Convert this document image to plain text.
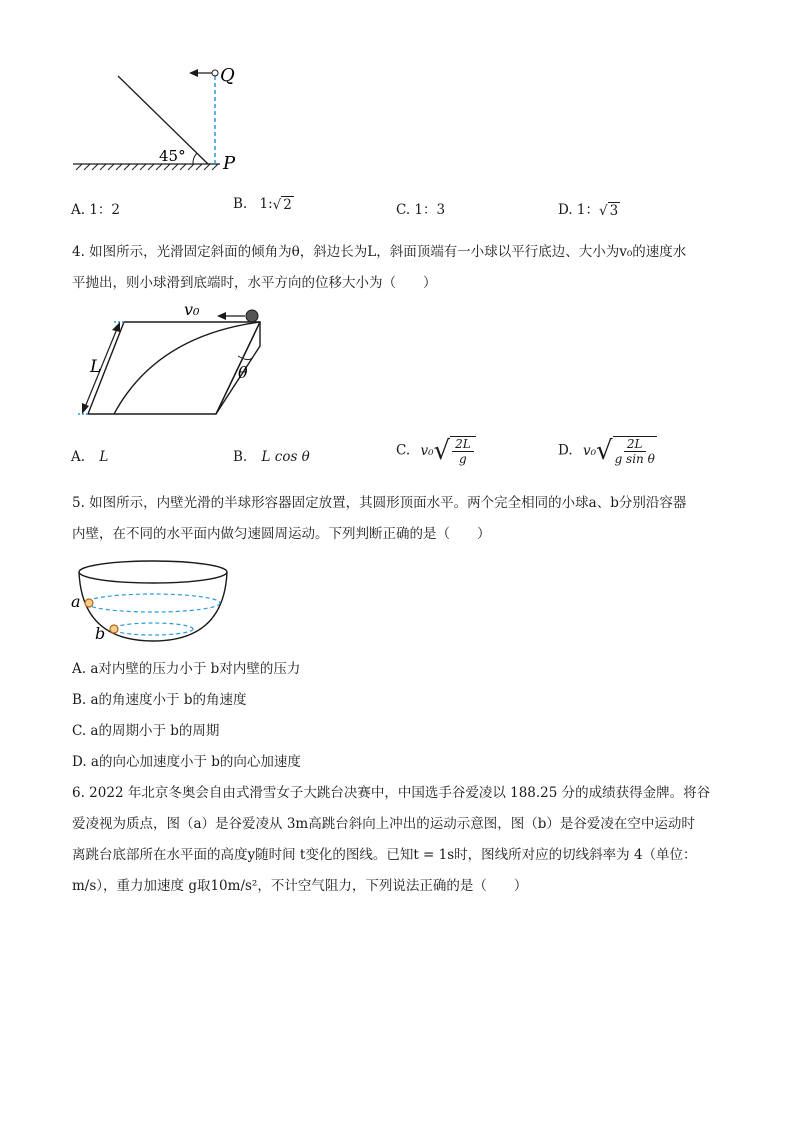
Q
P
45°
A. 1：2	B. 1:√ 2	C. 1：3	D. 1：√ 3
4. 如图所示，光滑固定斜面的倾角为θ，斜边长为L，斜面顶端有一小球以平行底边、大小为v₀的速度水
平抛出，则小球滑到底端时，水平方向的位移大小为（　　）
v₀
L	θ
A. L	B. L cos θ	C. v₀ √ $\frac{2L}{g}$	D. v₀ √ $\frac{2L}{\text{g sin θ}}$
5. 如图所示，内壁光滑的半球形容器固定放置，其圆形顶面水平。两个完全相同的小球a、b分别沿容器
内壁，在不同的水平面内做匀速圆周运动。下列判断正确的是（　　）
a
b
A. a对内壁的压力小于 b对内壁的压力
B. a的角速度小于 b的角速度
C. a的周期小于 b的周期
D. a的向心加速度小于 b的向心加速度
6. 2022 年北京冬奥会自由式滑雪女子大跳台决赛中，中国选手谷爱凌以 188.25 分的成绩获得金牌。将谷
爱凌视为质点，图（a）是谷爱凌从 3m高跳台斜向上冲出的运动示意图，图（b）是谷爱凌在空中运动时
离跳台底部所在水平面的高度y随时间 t变化的图线。已知t = 1s时，图线所对应的切线斜率为 4（单位：
m/s），重力加速度 g取10m/s²，不计空气阻力，下列说法正确的是（　　）
